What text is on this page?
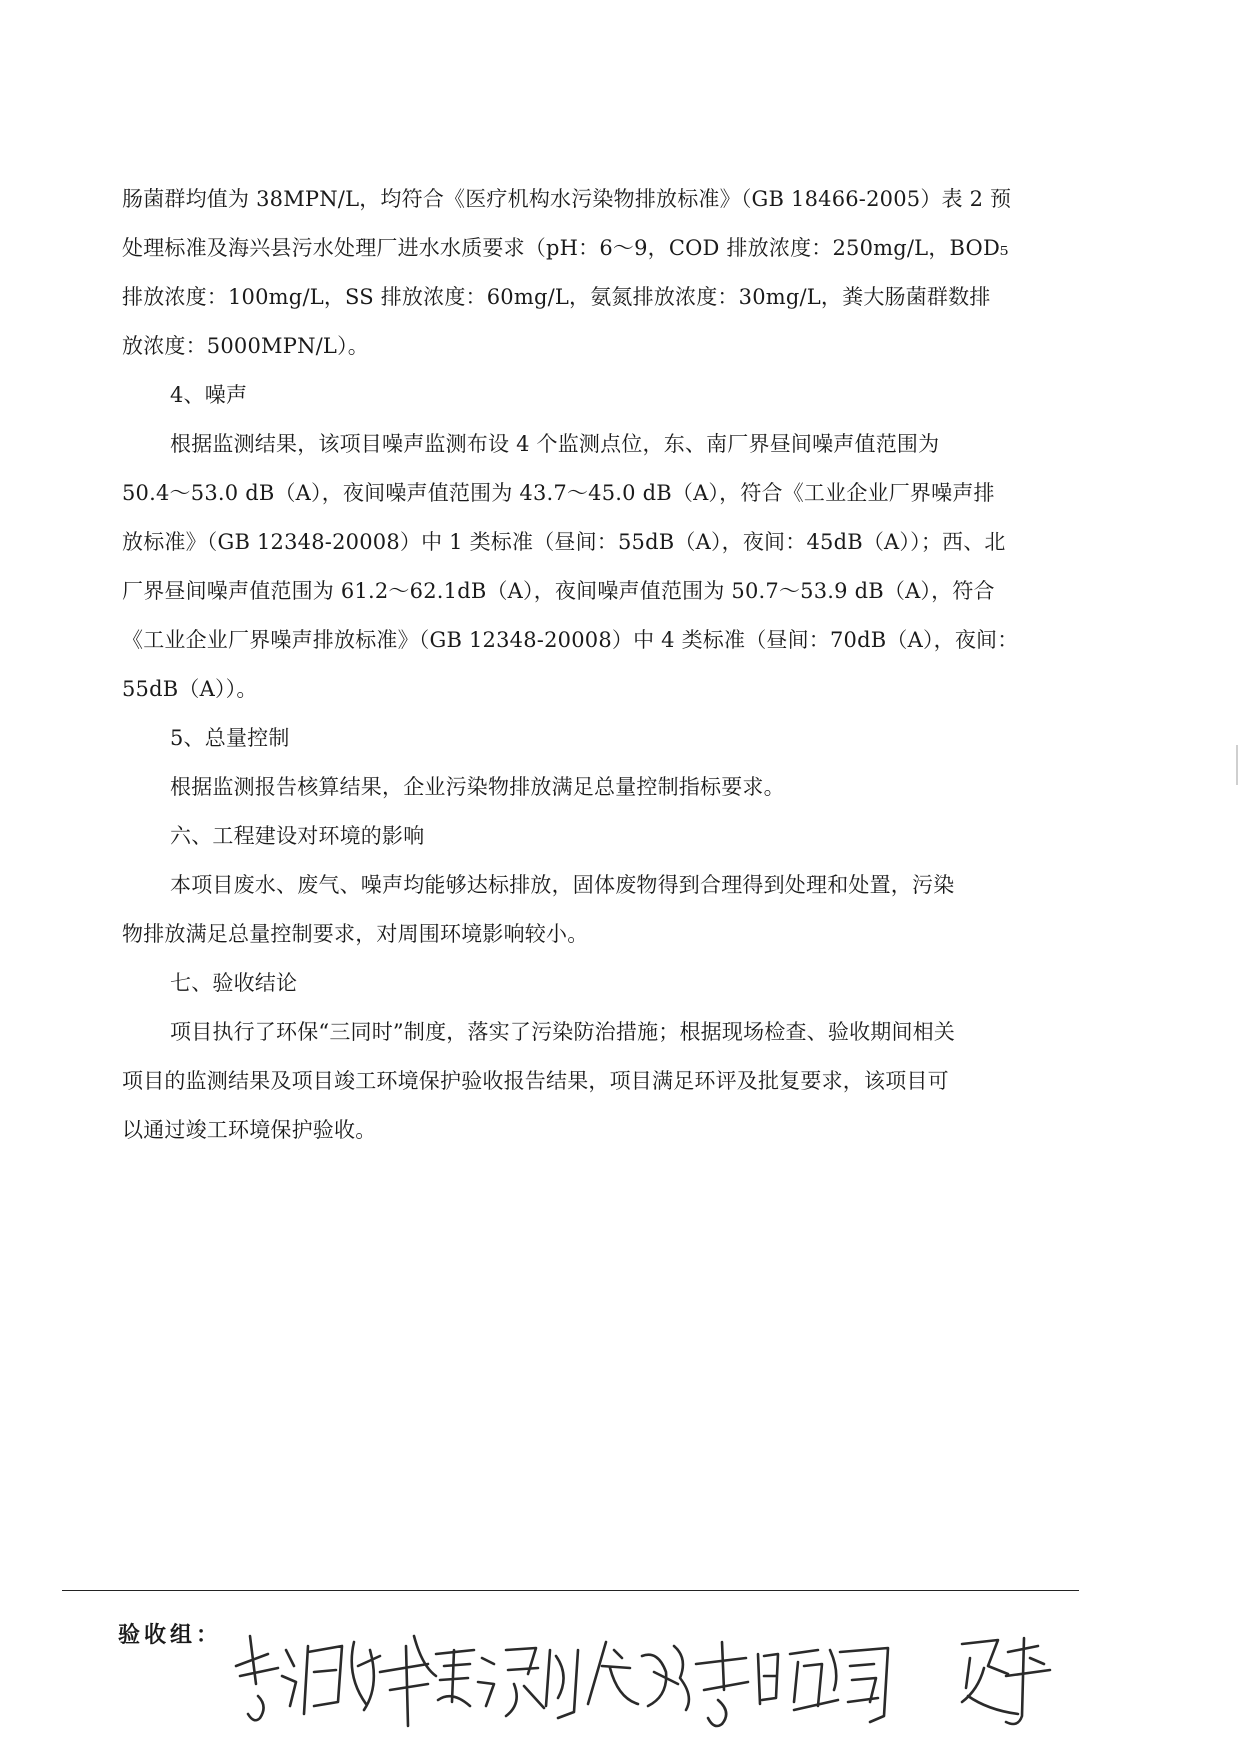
肠菌群均值为 38MPN/L，均符合《医疗机构水污染物排放标准》（GB 18466-2005）表 2 预
处理标准及海兴县污水处理厂进水水质要求（pH：6～9，COD 排放浓度：250mg/L，BOD₅
排放浓度：100mg/L，SS 排放浓度：60mg/L，氨氮排放浓度：30mg/L，粪大肠菌群数排
放浓度：5000MPN/L）。
4、噪声
根据监测结果，该项目噪声监测布设 4 个监测点位，东、南厂界昼间噪声值范围为
50.4～53.0 dB（A），夜间噪声值范围为 43.7～45.0 dB（A），符合《工业企业厂界噪声排
放标准》（GB 12348-20008）中 1 类标准（昼间：55dB（A），夜间：45dB（A））；西、北
厂界昼间噪声值范围为 61.2～62.1dB（A），夜间噪声值范围为 50.7～53.9 dB（A），符合
《工业企业厂界噪声排放标准》（GB 12348-20008）中 4 类标准（昼间：70dB（A），夜间：
55dB（A））。
5、总量控制
根据监测报告核算结果，企业污染物排放满足总量控制指标要求。
六、工程建设对环境的影响
本项目废水、废气、噪声均能够达标排放，固体废物得到合理得到处理和处置，污染
物排放满足总量控制要求，对周围环境影响较小。
七、验收结论
项目执行了环保“三同时”制度，落实了污染防治措施；根据现场检查、验收期间相关
项目的监测结果及项目竣工环境保护验收报告结果，项目满足环评及批复要求，该项目可
以通过竣工环境保护验收。
验收组：
